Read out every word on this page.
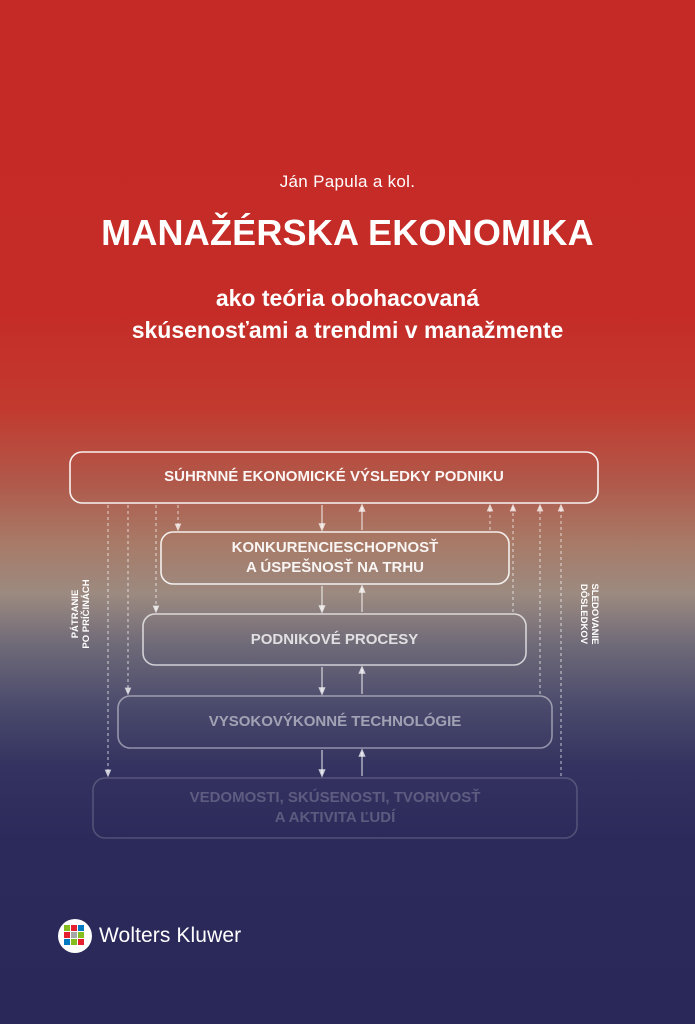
Ján Papula a kol.
MANAŽÉRSKA EKONOMIKA
ako teória obohacovaná
skúsenosťami a trendmi v manažmente
SÚHRNNÉ EKONOMICKÉ VÝSLEDKY PODNIKU
KONKURENCIESCHOPNOSŤ
A ÚSPEŠNOSŤ NA TRHU
PODNIKOVÉ PROCESY
VYSOKOVÝKONNÉ TECHNOLÓGIE
VEDOMOSTI, SKÚSENOSTI, TVORIVOSŤ
A AKTIVITA ĽUDÍ
PÁTRANIE PO PRÍČINÁCH	SLEDOVANIE
DÔSLEDKOV
Wolters Kluwer
